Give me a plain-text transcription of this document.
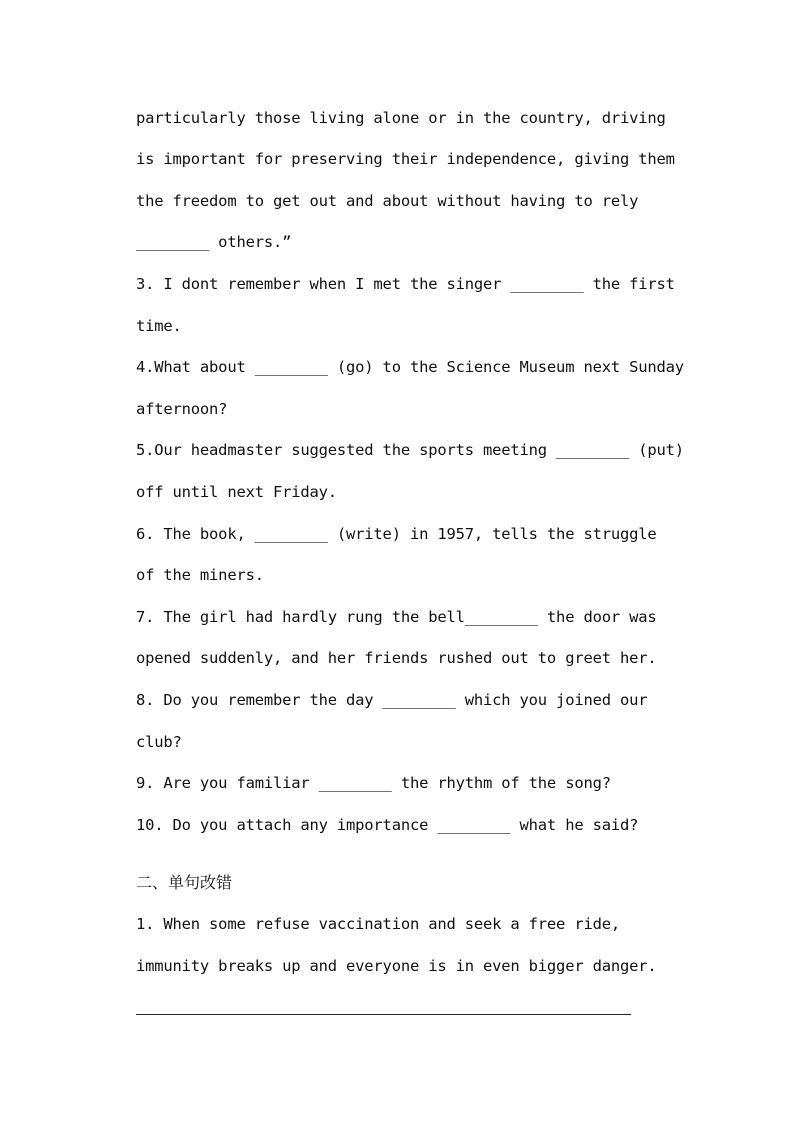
particularly those living alone or in the country, driving
is important for preserving their independence, giving them
the freedom to get out and about without having to rely
________ others.”
3. I dont remember when I met the singer ________ the first
time.
4.What about ________ (go) to the Science Museum next Sunday
afternoon?
5.Our headmaster suggested the sports meeting ________ (put)
off until next Friday.
6. The book, ________ (write) in 1957, tells the struggle
of the miners.
7. The girl had hardly rung the bell________ the door was
opened suddenly, and her friends rushed out to greet her.
8. Do you remember the day ________ which you joined our
club?
9. Are you familiar ________ the rhythm of the song?
10. Do you attach any importance ________ what he said?
二、单句改错
1. When some refuse vaccination and seek a free ride,
immunity breaks up and everyone is in even bigger danger.
